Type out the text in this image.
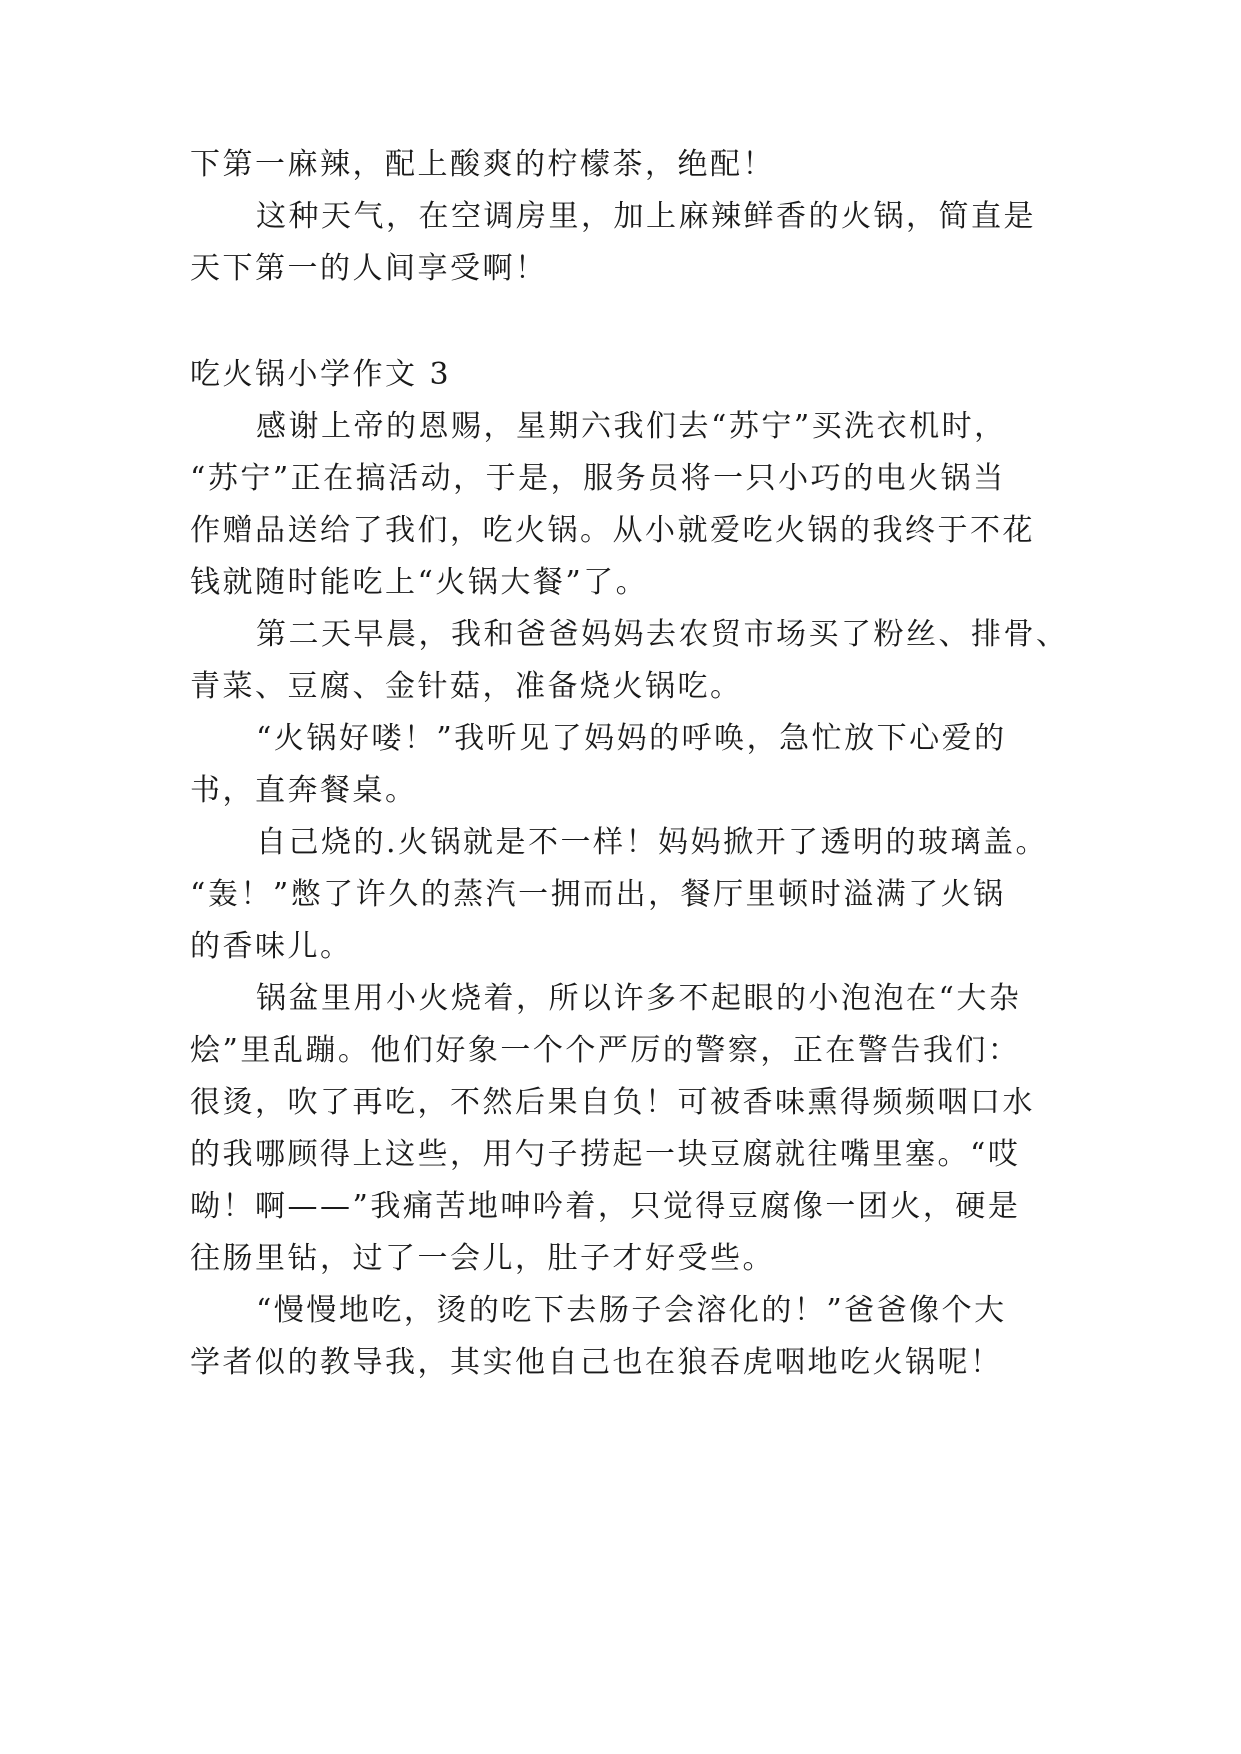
下第一麻辣，配上酸爽的柠檬茶，绝配！

这种天气，在空调房里，加上麻辣鲜香的火锅，简直是

天下第一的人间享受啊！

吃火锅小学作文 3

感谢上帝的恩赐，星期六我们去“苏宁”买洗衣机时，

“苏宁”正在搞活动，于是，服务员将一只小巧的电火锅当

作赠品送给了我们，吃火锅。从小就爱吃火锅的我终于不花

钱就随时能吃上“火锅大餐”了。

第二天早晨，我和爸爸妈妈去农贸市场买了粉丝、排骨、

青菜、豆腐、金针菇，准备烧火锅吃。

“火锅好喽！”我听见了妈妈的呼唤，急忙放下心爱的

书，直奔餐桌。

自己烧的.火锅就是不一样！妈妈掀开了透明的玻璃盖。

“轰！”憋了许久的蒸汽一拥而出，餐厅里顿时溢满了火锅

的香味儿。

锅盆里用小火烧着，所以许多不起眼的小泡泡在“大杂

烩”里乱蹦。他们好象一个个严厉的警察，正在警告我们：

很烫，吹了再吃，不然后果自负！可被香味熏得频频咽口水

的我哪顾得上这些，用勺子捞起一块豆腐就往嘴里塞。“哎

呦！啊——”我痛苦地呻吟着，只觉得豆腐像一团火，硬是

往肠里钻，过了一会儿，肚子才好受些。

“慢慢地吃，烫的吃下去肠子会溶化的！”爸爸像个大

学者似的教导我，其实他自己也在狼吞虎咽地吃火锅呢！
